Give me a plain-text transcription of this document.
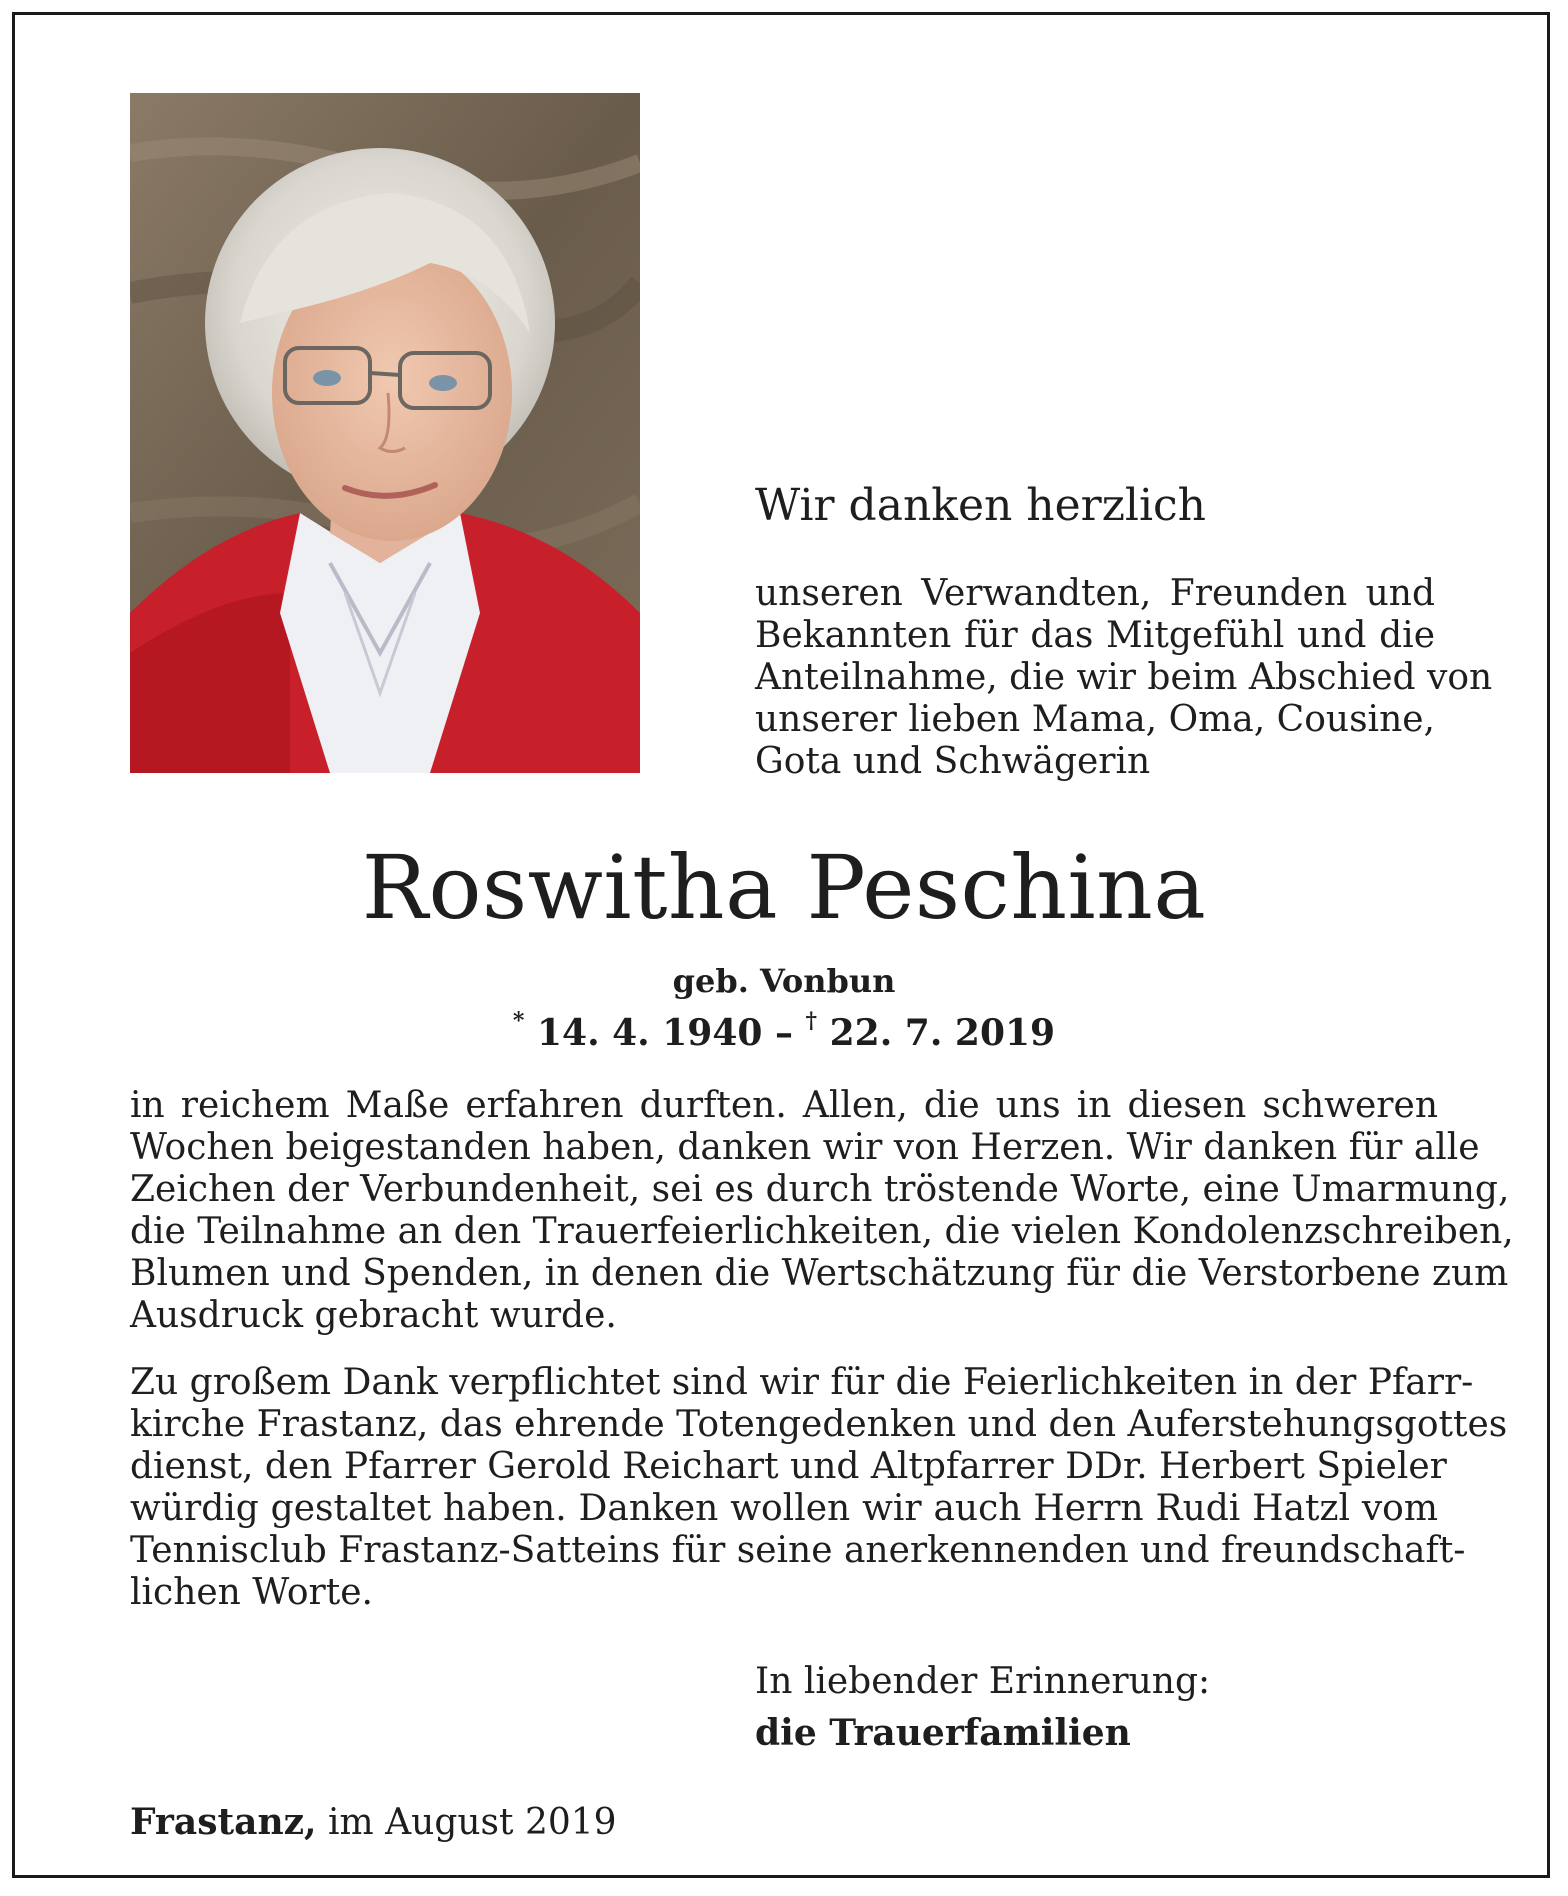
Wir danken herzlich
unseren Verwandten, Freunden und
Bekannten für das Mitgefühl und die
Anteilnahme, die wir beim Abschied von
unserer lieben Mama, Oma, Cousine,
Gota und Schwägerin
Roswitha Peschina
geb. Vonbun
* 14. 4. 1940 – † 22. 7. 2019
in reichem Maße erfahren durften. Allen, die uns in diesen schweren
Wochen beigestanden haben, danken wir von Herzen. Wir danken für alle
Zeichen der Verbundenheit, sei es durch tröstende Worte, eine Umarmung,
die Teilnahme an den Trauerfeierlichkeiten, die vielen Kondolenzschreiben,
Blumen und Spenden, in denen die Wertschätzung für die Verstorbene zum
Ausdruck gebracht wurde.
Zu großem Dank verpflichtet sind wir für die Feierlichkeiten in der Pfarr-
kirche Frastanz, das ehrende Totengedenken und den Auferstehungsgottes
dienst, den Pfarrer Gerold Reichart und Altpfarrer DDr. Herbert Spieler
würdig gestaltet haben. Danken wollen wir auch Herrn Rudi Hatzl vom
Tennisclub Frastanz-Satteins für seine anerkennenden und freundschaft-
lichen Worte.
In liebender Erinnerung:
die Trauerfamilien
Frastanz, im August 2019
